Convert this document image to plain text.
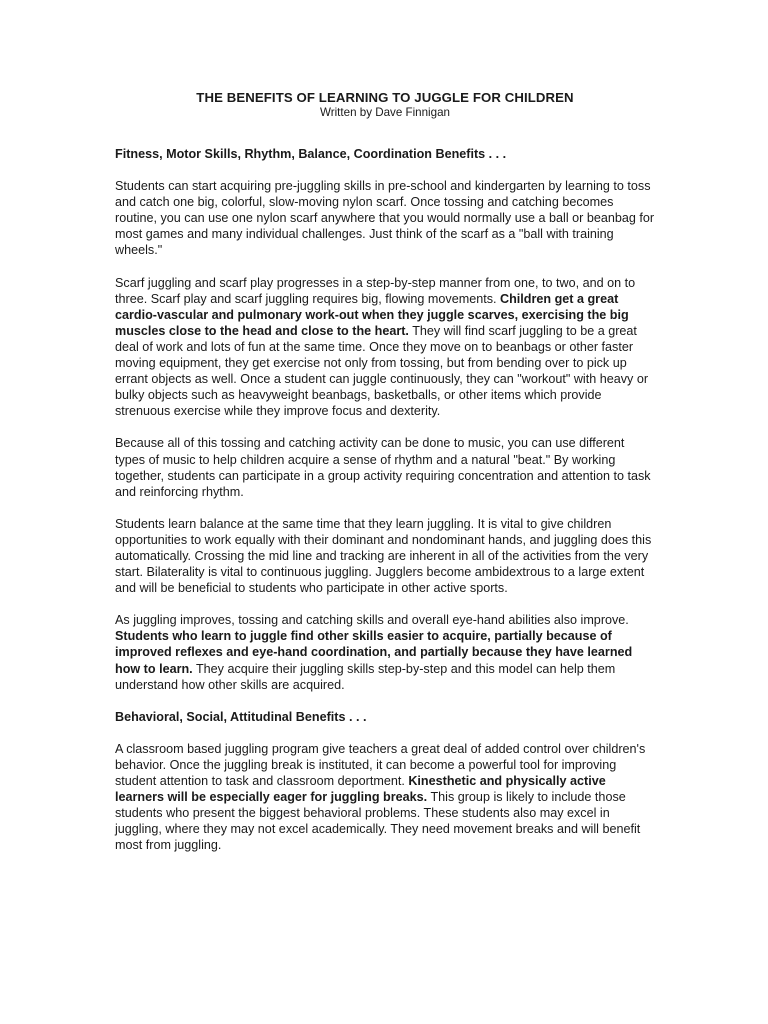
THE BENEFITS OF LEARNING TO JUGGLE FOR CHILDREN

Written by Dave Finnigan

Fitness, Motor Skills, Rhythm, Balance, Coordination Benefits . . .

Students can start acquiring pre-juggling skills in pre-school and kindergarten by learning to toss and catch one big, colorful, slow-moving nylon scarf. Once tossing and catching becomes routine, you can use one nylon scarf anywhere that you would normally use a ball or beanbag for most games and many individual challenges. Just think of the scarf as a "ball with training wheels."

Scarf juggling and scarf play progresses in a step-by-step manner from one, to two, and on to three. Scarf play and scarf juggling requires big, flowing movements. Children get a great cardio-vascular and pulmonary work-out when they juggle scarves, exercising the big muscles close to the head and close to the heart. They will find scarf juggling to be a great deal of work and lots of fun at the same time. Once they move on to beanbags or other faster moving equipment, they get exercise not only from tossing, but from bending over to pick up errant objects as well. Once a student can juggle continuously, they can "workout" with heavy or bulky objects such as heavyweight beanbags, basketballs, or other items which provide strenuous exercise while they improve focus and dexterity.

Because all of this tossing and catching activity can be done to music, you can use different types of music to help children acquire a sense of rhythm and a natural "beat." By working together, students can participate in a group activity requiring concentration and attention to task and reinforcing rhythm.

Students learn balance at the same time that they learn juggling. It is vital to give children opportunities to work equally with their dominant and nondominant hands, and juggling does this automatically. Crossing the mid line and tracking are inherent in all of the activities from the very start. Bilaterality is vital to continuous juggling. Jugglers become ambidextrous to a large extent and will be beneficial to students who participate in other active sports.

As juggling improves, tossing and catching skills and overall eye-hand abilities also improve. Students who learn to juggle find other skills easier to acquire, partially because of improved reflexes and eye-hand coordination, and partially because they have learned how to learn. They acquire their juggling skills step-by-step and this model can help them understand how other skills are acquired.

Behavioral, Social, Attitudinal Benefits . . .

A classroom based juggling program give teachers a great deal of added control over children's behavior. Once the juggling break is instituted, it can become a powerful tool for improving student attention to task and classroom deportment. Kinesthetic and physically active learners will be especially eager for juggling breaks. This group is likely to include those students who present the biggest behavioral problems. These students also may excel in juggling, where they may not excel academically. They need movement breaks and will benefit most from juggling.
